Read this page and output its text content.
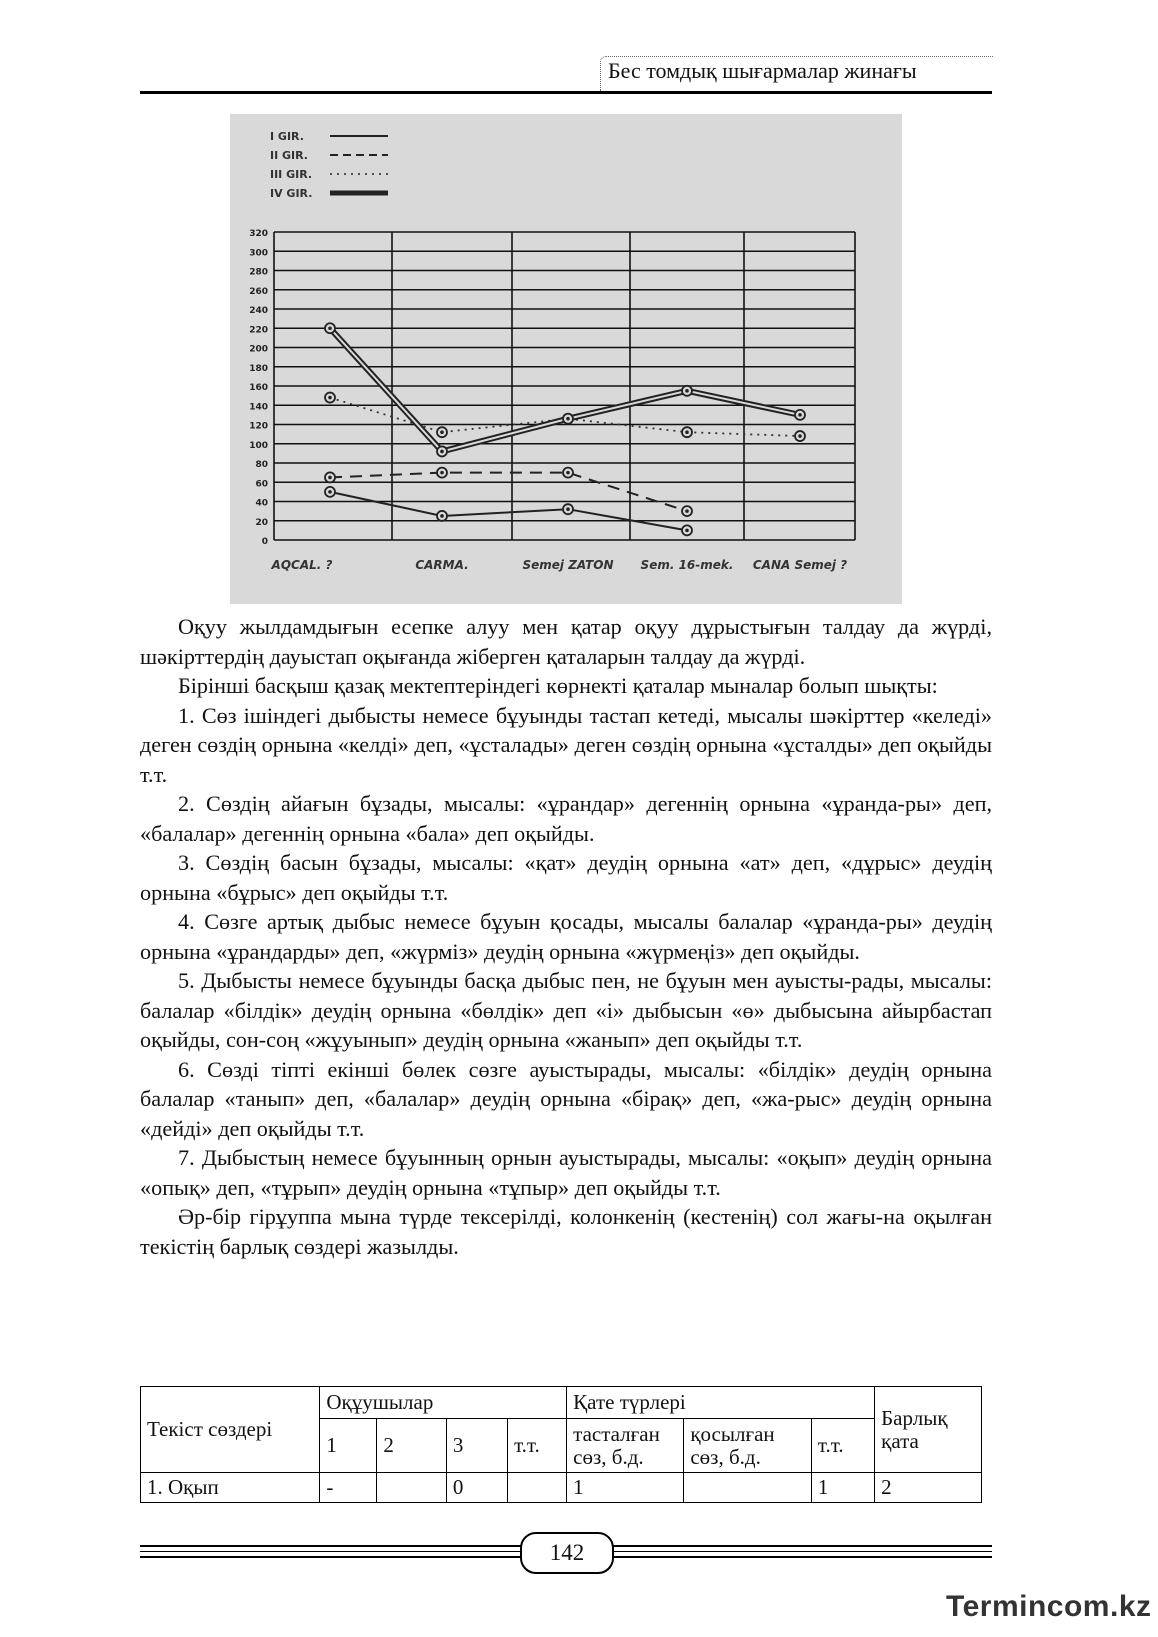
Бес томдық шығармалар жинағы
0
20
40
60
80
100
120
140
160
180
200
220
240
260
280
300
320
I GIR.
II GIR.
III GIR.
IV GIR.
AQCAL. ?	CARMA.	Semej ZATON Sem. 16-mek. CANA Semej ?

Оқуу жылдамдығын есепке алуу мен қатар оқуу дұрыстығын талдау да жүрді, шәкірттердің дауыстап оқығанда жіберген қаталарын талдау да жүрді.

Бірінші басқыш қазақ мектептеріндегі көрнекті қаталар мыналар болып шықты:

1. Сөз ішіндегі дыбысты немесе бұуынды тастап кетеді, мысалы шәкірттер «келеді» деген сөздің орнына «келді» деп, «ұсталады» деген сөздің орнына «ұсталды» деп оқыйды т.т.

2. Сөздің айағын бұзады, мысалы: «ұрандар» дегеннің орнына «ұранда-ры» деп, «балалар» дегеннің орнына «бала» деп оқыйды.

3. Сөздің басын бұзады, мысалы: «қат» деудің орнына «ат» деп, «дұрыс» деудің орнына «бұрыс» деп оқыйды т.т.

4. Сөзге артық дыбыс немесе бұуын қосады, мысалы балалар «ұранда-ры» деудің орнына «ұрандарды» деп, «жүрміз» деудің орнына «жүрмеңіз» деп оқыйды.

5. Дыбысты немесе бұуынды басқа дыбыс пен, не бұуын мен ауысты-рады, мысалы: балалар «білдік» деудің орнына «бөлдік» деп «і» дыбысын «ө» дыбысына айырбастап оқыйды, сон-соң «жұуынып» деудің орнына «жанып» деп оқыйды т.т.

6. Сөзді тіпті екінші бөлек сөзге ауыстырады, мысалы: «білдік» деудің орнына балалар «танып» деп, «балалар» деудің орнына «бірақ» деп, «жа-рыс» деудің орнына «дейді» деп оқыйды т.т.

7. Дыбыстың немесе бұуынның орнын ауыстырады, мысалы: «оқып» деудің орнына «опық» деп, «тұрып» деудің орнына «тұпыр» деп оқыйды т.т.

Әр-бір гірұуппа мына түрде тексерілді, колонкенің (кестенің) сол жағы-на оқылған текістің барлық сөздері жазылды.

Текіст сөздері	Оқұушылар				Қате түрлері			Барлық қата
	1	2	3	т.т.	тасталған сөз, б.д.	қосылған сөз, б.д.	т.т.	
1. Оқып	-		0		1		1	2
142
Termincom.kz
